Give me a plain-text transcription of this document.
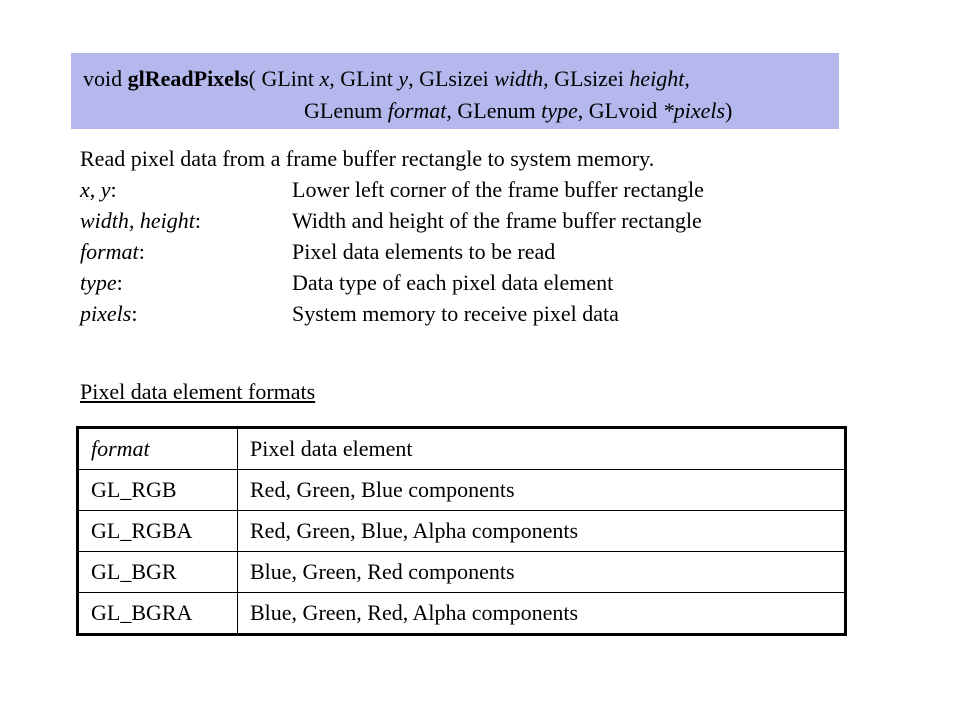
void glReadPixels( GLint x, GLint y, GLsizei width, GLsizei height,
GLenum format, GLenum type, GLvoid *pixels)
Read pixel data from a frame buffer rectangle to system memory.
x, y:	Lower left corner of the frame buffer rectangle
width, height:	Width and height of the frame buffer rectangle
format:	Pixel data elements to be read
type:	Data type of each pixel data element
pixels:	System memory to receive pixel data
Pixel data element formats
format	Pixel data element
GL_RGB	Red, Green, Blue components
GL_RGBA	Red, Green, Blue, Alpha components
GL_BGR	Blue, Green, Red components
GL_BGRA	Blue, Green, Red, Alpha components
